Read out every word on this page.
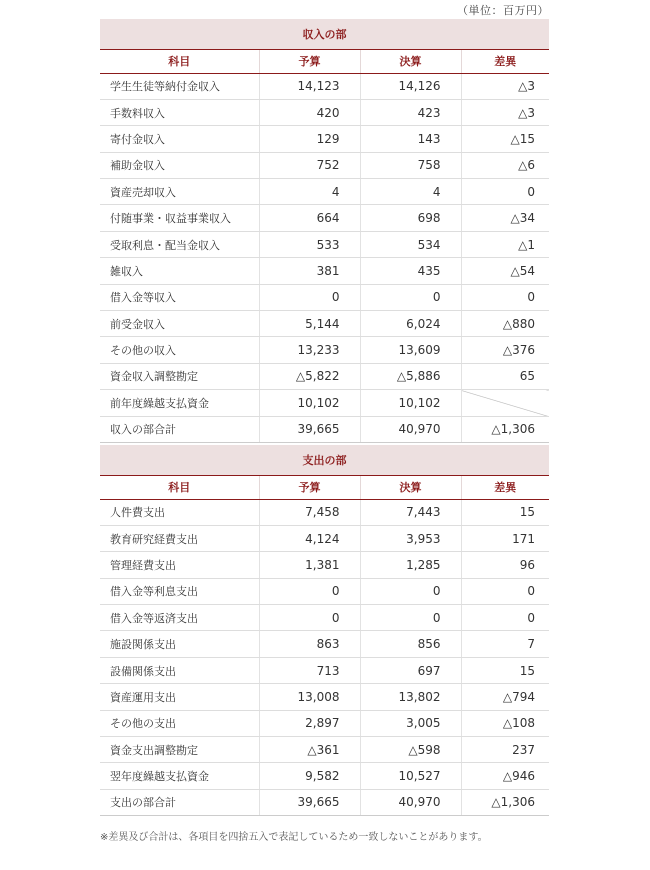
（単位：百万円）
収入の部			
科目	予算	決算	差異
学生生徒等納付金収入	14,123	14,126	△3
手数料収入	420	423	△3
寄付金収入	129	143	△15
補助金収入	752	758	△6
資産売却収入	4	4	0
付随事業・収益事業収入	664	698	△34
受取利息・配当金収入	533	534	△1
雑収入	381	435	△54
借入金等収入	0	0	0
前受金収入	5,144	6,024	△880
その他の収入	13,233	13,609	△376
資金収入調整勘定	△5,822	△5,886	65
前年度繰越支払資金	10,102	10,102	
収入の部合計	39,665	40,970	△1,306
支出の部			
科目	予算	決算	差異
人件費支出	7,458	7,443	15
教育研究経費支出	4,124	3,953	171
管理経費支出	1,381	1,285	96
借入金等利息支出	0	0	0
借入金等返済支出	0	0	0
施設関係支出	863	856	7
設備関係支出	713	697	15
資産運用支出	13,008	13,802	△794
その他の支出	2,897	3,005	△108
資金支出調整勘定	△361	△598	237
翌年度繰越支払資金	9,582	10,527	△946
支出の部合計	39,665	40,970	△1,306
※差異及び合計は、各項目を四捨五入で表記しているため一致しないことがあります。
